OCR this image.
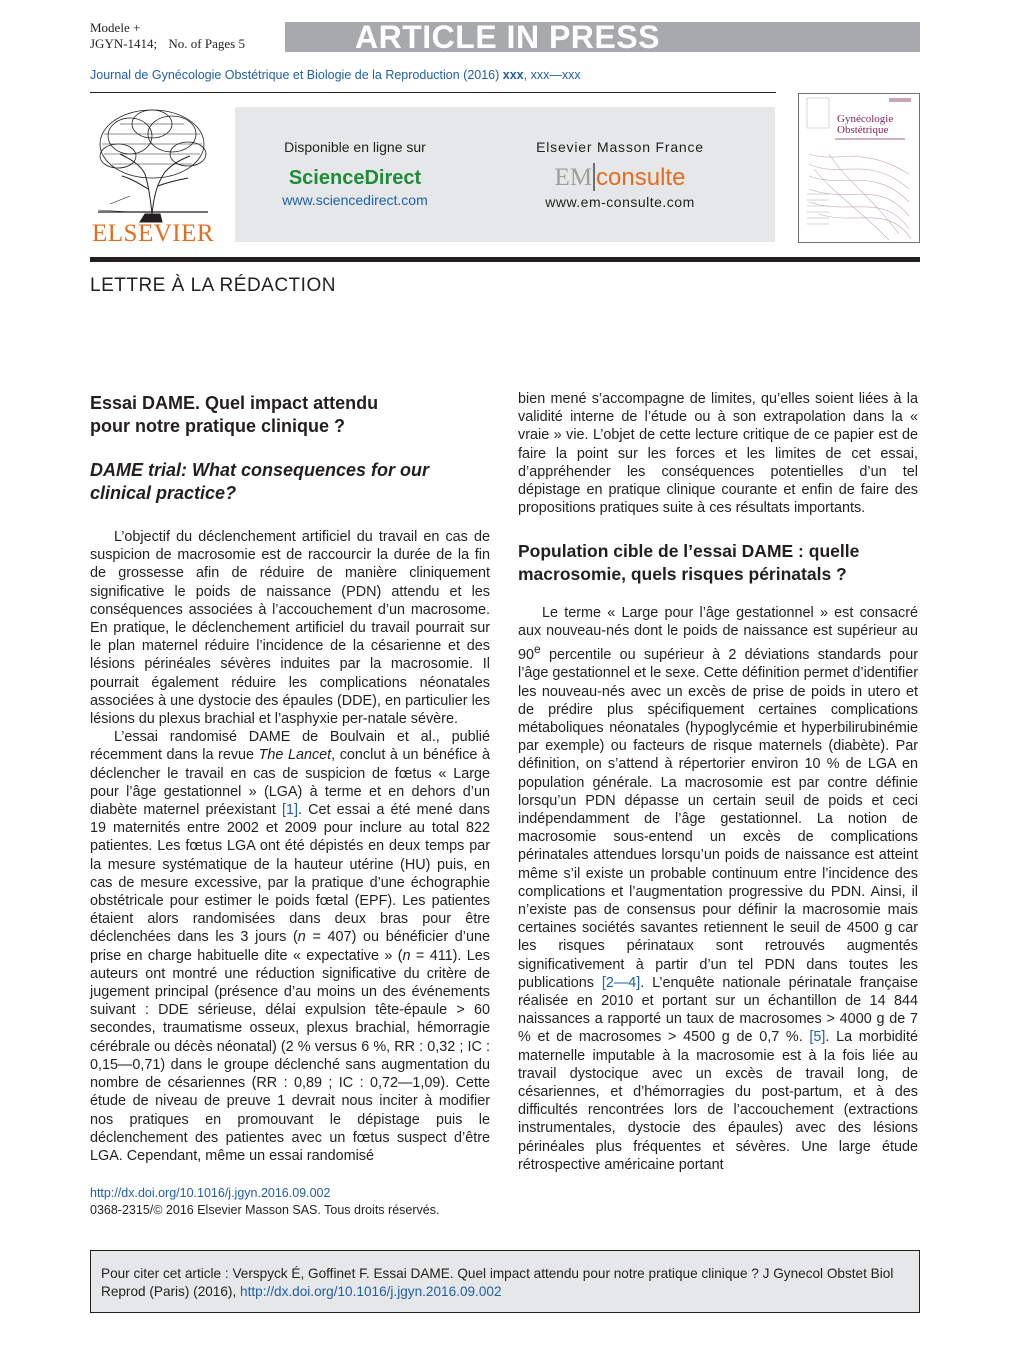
Modele +
JGYN-1414; No. of Pages 5	ARTICLE IN PRESS
Journal de Gynécologie Obstétrique et Biologie de la Reproduction (2016) xxx, xxx—xxx
ELSEVIER
Disponible en ligne sur
ScienceDirect
www.sciencedirect.com
Elsevier Masson France
EM consulte
www.em-consulte.com
Gynécologie
Obstétrique
LETTRE À LA RÉDACTION
Essai DAME. Quel impact attendu
pour notre pratique clinique ?
DAME trial: What consequences for our clinical practice?

L’objectif du déclenchement artificiel du travail en cas de suspicion de macrosomie est de raccourcir la durée de la fin de grossesse afin de réduire de manière cliniquement significative le poids de naissance (PDN) attendu et les conséquences associées à l’accouchement d’un macrosome. En pratique, le déclenchement artificiel du travail pourrait sur le plan maternel réduire l’incidence de la césarienne et des lésions périnéales sévères induites par la macrosomie. Il pourrait également réduire les complications néonatales associées à une dystocie des épaules (DDE), en particulier les lésions du plexus brachial et l’asphyxie per-natale sévère.

L’essai randomisé DAME de Boulvain et al., publié récemment dans la revue The Lancet, conclut à un bénéfice à déclencher le travail en cas de suspicion de fœtus « Large pour l’âge gestationnel » (LGA) à terme et en dehors d’un diabète maternel préexistant [1]. Cet essai a été mené dans 19 maternités entre 2002 et 2009 pour inclure au total 822 patientes. Les fœtus LGA ont été dépistés en deux temps par la mesure systématique de la hauteur utérine (HU) puis, en cas de mesure excessive, par la pratique d’une échographie obstétricale pour estimer le poids fœtal (EPF). Les patientes étaient alors randomisées dans deux bras pour être déclenchées dans les 3 jours (n = 407) ou bénéficier d’une prise en charge habituelle dite « expectative » (n = 411). Les auteurs ont montré une réduction significative du critère de jugement principal (présence d’au moins un des événements suivant : DDE sérieuse, délai expulsion tête-épaule > 60 secondes, traumatisme osseux, plexus brachial, hémorragie cérébrale ou décès néonatal) (2 % versus 6 %, RR : 0,32 ; IC : 0,15—0,71) dans le groupe déclenché sans augmentation du nombre de césariennes (RR : 0,89 ; IC : 0,72—1,09). Cette étude de niveau de preuve 1 devrait nous inciter à modifier nos pratiques en promouvant le dépistage puis le déclenchement des patientes avec un fœtus suspect d’être LGA. Cependant, même un essai randomisé

bien mené s’accompagne de limites, qu’elles soient liées à la validité interne de l’étude ou à son extrapolation dans la « vraie » vie. L’objet de cette lecture critique de ce papier est de faire la point sur les forces et les limites de cet essai, d’appréhender les conséquences potentielles d’un tel dépistage en pratique clinique courante et enfin de faire des propositions pratiques suite à ces résultats importants.

Population cible de l’essai DAME : quelle macrosomie, quels risques périnatals ?

Le terme « Large pour l’âge gestationnel » est consacré aux nouveau-nés dont le poids de naissance est supérieur au 90e percentile ou supérieur à 2 déviations standards pour l’âge gestationnel et le sexe. Cette définition permet d’identifier les nouveau-nés avec un excès de prise de poids in utero et de prédire plus spécifiquement certaines complications métaboliques néonatales (hypoglycémie et hyperbilirubinémie par exemple) ou facteurs de risque maternels (diabète). Par définition, on s’attend à répertorier environ 10 % de LGA en population générale. La macrosomie est par contre définie lorsqu’un PDN dépasse un certain seuil de poids et ceci indépendamment de l’âge gestationnel. La notion de macrosomie sous-entend un excès de complications périnatales attendues lorsqu’un poids de naissance est atteint même s’il existe un probable continuum entre l’incidence des complications et l’augmentation progressive du PDN. Ainsi, il n’existe pas de consensus pour définir la macrosomie mais certaines sociétés savantes retiennent le seuil de 4500 g car les risques périnataux sont retrouvés augmentés significativement à partir d’un tel PDN dans toutes les publications [2—4]. L’enquête nationale périnatale française réalisée en 2010 et portant sur un échantillon de 14 844 naissances a rapporté un taux de macrosomes > 4000 g de 7 % et de macrosomes > 4500 g de 0,7 %. [5]. La morbidité maternelle imputable à la macrosomie est à la fois liée au travail dystocique avec un excès de travail long, de césariennes, et d’hémorragies du post-partum, et à des difficultés rencontrées lors de l’accouchement (extractions instrumentales, dystocie des épaules) avec des lésions périnéales plus fréquentes et sévères. Une large étude rétrospective américaine portant

http://dx.doi.org/10.1016/j.jgyn.2016.09.002
0368-2315/© 2016 Elsevier Masson SAS. Tous droits réservés.
Pour citer cet article : Verspyck É, Goffinet F. Essai DAME. Quel impact attendu pour notre pratique clinique ? J Gynecol Obstet Biol Reprod (Paris) (2016), http://dx.doi.org/10.1016/j.jgyn.2016.09.002
